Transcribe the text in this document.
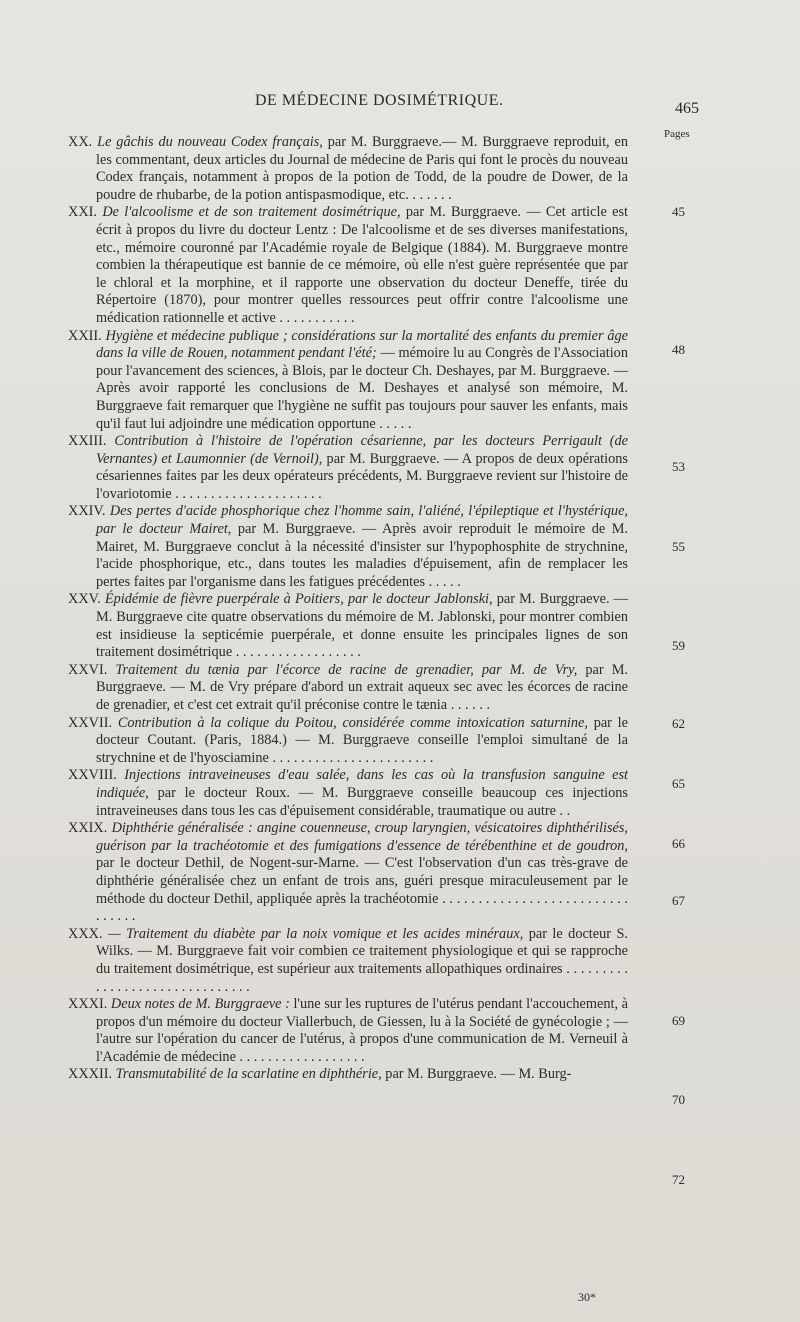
DE MÉDECINE DOSIMÉTRIQUE.	465
Pages

XX. Le gâchis du nouveau Codex français, par M. Burggraeve.— M. Burggraeve reproduit, en les commentant, deux articles du Journal de médecine de Paris qui font le procès du nouveau Codex français, notamment à propos de la potion de Todd, de la poudre de Dower, de la poudre de rhubarbe, de la potion antispasmodique, etc. . . . . . .

XXI. De l'alcoolisme et de son traitement dosimétrique, par M. Burggraeve. — Cet article est écrit à propos du livre du docteur Lentz : De l'alcoolisme et de ses diverses manifestations, etc., mémoire couronné par l'Académie royale de Belgique (1884). M. Burggraeve montre combien la thérapeutique est bannie de ce mémoire, où elle n'est guère représentée que par le chloral et la morphine, et il rapporte une observation du docteur Deneffe, tirée du Répertoire (1870), pour montrer quelles ressources peut offrir contre l'alcoolisme une médication rationnelle et active . . . . . . . . . . .

XXII. Hygiène et médecine publique ; considérations sur la mortalité des enfants du premier âge dans la ville de Rouen, notamment pendant l'été; — mémoire lu au Congrès de l'Association pour l'avancement des sciences, à Blois, par le docteur Ch. Deshayes, par M. Burggraeve. — Après avoir rapporté les conclusions de M. Deshayes et analysé son mémoire, M. Burggraeve fait remarquer que l'hygiène ne suffit pas toujours pour sauver les enfants, mais qu'il faut lui adjoindre une médication opportune . . . . .

XXIII. Contribution à l'histoire de l'opération césarienne, par les docteurs Perrigault (de Vernantes) et Laumonnier (de Vernoil), par M. Burggraeve. — A propos de deux opérations césariennes faites par les deux opérateurs précédents, M. Burggraeve revient sur l'histoire de l'ovariotomie . . . . . . . . . . . . . . . . . . . . .

XXIV. Des pertes d'acide phosphorique chez l'homme sain, l'aliéné, l'épileptique et l'hystérique, par le docteur Mairet, par M. Burggraeve. — Après avoir reproduit le mémoire de M. Mairet, M. Burggraeve conclut à la nécessité d'insister sur l'hypophosphite de strychnine, l'acide phosphorique, etc., dans toutes les maladies d'épuisement, afin de remplacer les pertes faites par l'organisme dans les fatigues précédentes . . . . .

XXV. Épidémie de fièvre puerpérale à Poitiers, par le docteur Jablonski, par M. Burggraeve. — M. Burggraeve cite quatre observations du mémoire de M. Jablonski, pour montrer combien est insidieuse la septicémie puerpérale, et donne ensuite les principales lignes de son traitement dosimétrique . . . . . . . . . . . . . . . . . .

XXVI. Traitement du tænia par l'écorce de racine de grenadier, par M. de Vry, par M. Burggraeve. — M. de Vry prépare d'abord un extrait aqueux sec avec les écorces de racine de grenadier, et c'est cet extrait qu'il préconise contre le tænia . . . . . .

XXVII. Contribution à la colique du Poitou, considérée comme intoxication saturnine, par le docteur Coutant. (Paris, 1884.) — M. Burggraeve conseille l'emploi simultané de la strychnine et de l'hyosciamine . . . . . . . . . . . . . . . . . . . . . . .

XXVIII. Injections intraveineuses d'eau salée, dans les cas où la transfusion sanguine est indiquée, par le docteur Roux. — M. Burggraeve conseille beaucoup ces injections intraveineuses dans tous les cas d'épuisement considérable, traumatique ou autre . .

XXIX. Diphthérie généralisée : angine couenneuse, croup laryngien, vésicatoires diphthérilisés, guérison par la trachéotomie et des fumigations d'essence de térébenthine et de goudron, par le docteur Dethil, de Nogent-sur-Marne. — C'est l'observation d'un cas très-grave de diphthérie généralisée chez un enfant de trois ans, guéri presque miraculeusement par le méthode du docteur Dethil, appliquée après la trachéotomie . . . . . . . . . . . . . . . . . . . . . . . . . . . . . . . .

XXX. — Traitement du diabète par la noix vomique et les acides minéraux, par le docteur S. Wilks. — M. Burggraeve fait voir combien ce traitement physiologique et qui se rapproche du traitement dosimétrique, est supérieur aux traitements allopathiques ordinaires . . . . . . . . . . . . . . . . . . . . . . . . . . . . . . .

XXXI. Deux notes de M. Burggraeve : l'une sur les ruptures de l'utérus pendant l'accouchement, à propos d'un mémoire du docteur Viallerbuch, de Giessen, lu à la Société de gynécologie ; — l'autre sur l'opération du cancer de l'utérus, à propos d'une communication de M. Verneuil à l'Académie de médecine . . . . . . . . . . . . . . . . . .

XXXII. Transmutabilité de la scarlatine en diphthérie, par M. Burggraeve. — M. Burg-

45
48
53
55
59
62
65
66
67
69
70
72
30*
